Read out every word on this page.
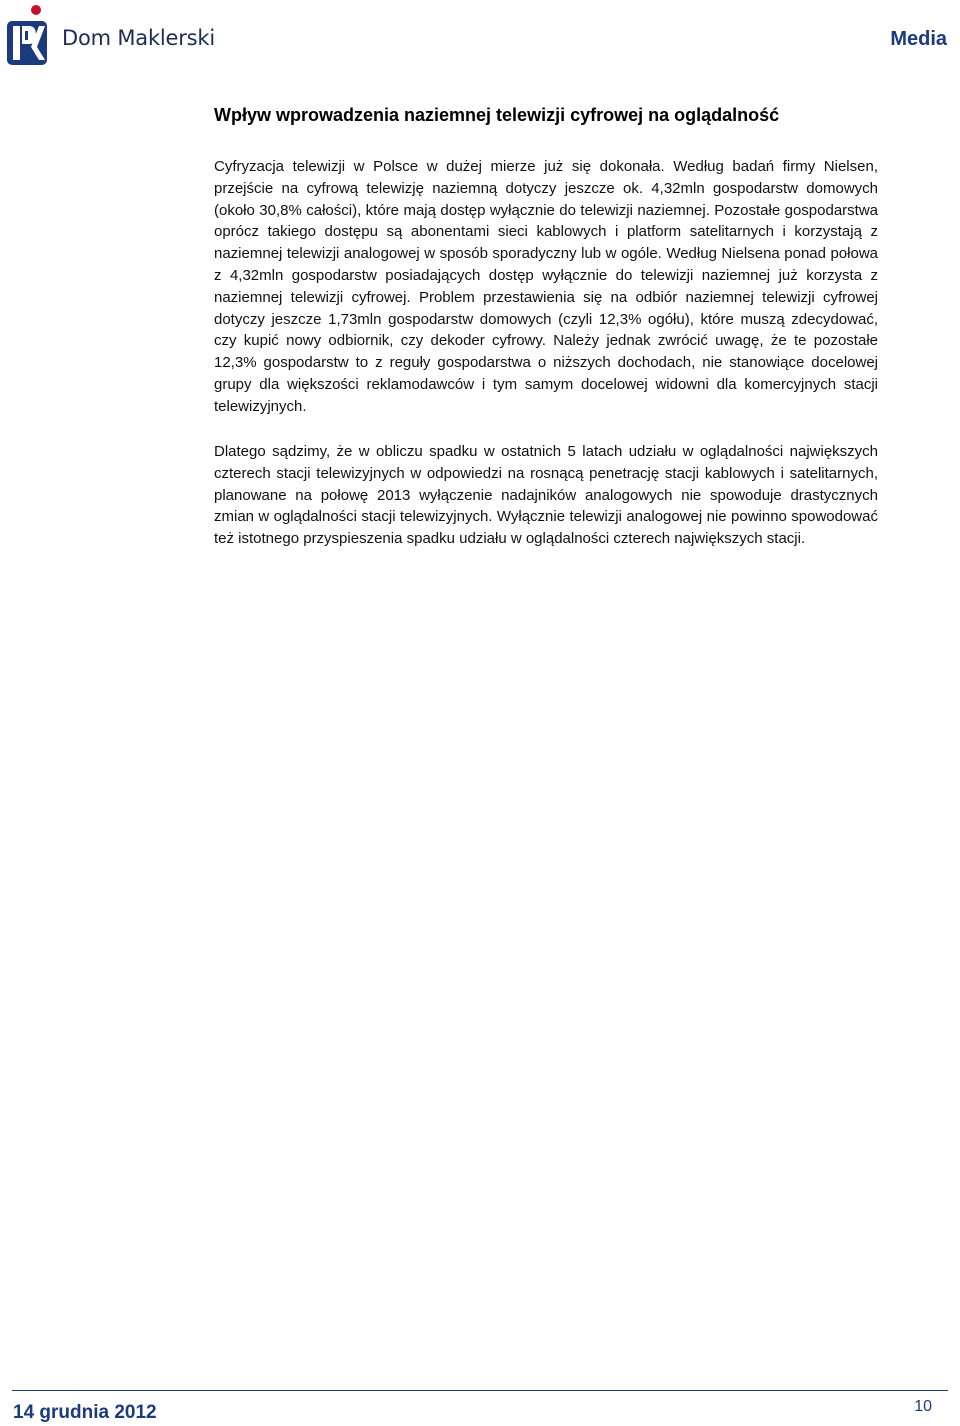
Dom Maklerski	Media
Wpływ wprowadzenia naziemnej telewizji cyfrowej na oglądalność

Cyfryzacja telewizji w Polsce w dużej mierze już się dokonała. Według badań firmy Nielsen, przejście na cyfrową telewizję naziemną dotyczy jeszcze ok. 4,32mln gospodarstw domowych (około 30,8% całości), które mają dostęp wyłącznie do telewizji naziemnej. Pozostałe gospodarstwa oprócz takiego dostępu są abonentami sieci kablowych i platform satelitarnych i korzystają z naziemnej telewizji analogowej w sposób sporadyczny lub w ogóle. Według Nielsena ponad połowa z 4,32mln gospodarstw posiadających dostęp wyłącznie do telewizji naziemnej już korzysta z naziemnej telewizji cyfrowej. Problem przestawienia się na odbiór naziemnej telewizji cyfrowej dotyczy jeszcze 1,73mln gospodarstw domowych (czyli 12,3% ogółu), które muszą zdecydować, czy kupić nowy odbiornik, czy dekoder cyfrowy. Należy jednak zwrócić uwagę, że te pozostałe 12,3% gospodarstw to z reguły gospodarstwa o niższych dochodach, nie stanowiące docelowej grupy dla większości reklamodawców i tym samym docelowej widowni dla komercyjnych stacji telewizyjnych.

Dlatego sądzimy, że w obliczu spadku w ostatnich 5 latach udziału w oglądalności największych czterech stacji telewizyjnych w odpowiedzi na rosnącą penetrację stacji kablowych i satelitarnych, planowane na połowę 2013 wyłączenie nadajników analogowych nie spowoduje drastycznych zmian w oglądalności stacji telewizyjnych. Wyłącznie telewizji analogowej nie powinno spowodować też istotnego przyspieszenia spadku udziału w oglądalności czterech największych stacji.

14 grudnia 2012	10
